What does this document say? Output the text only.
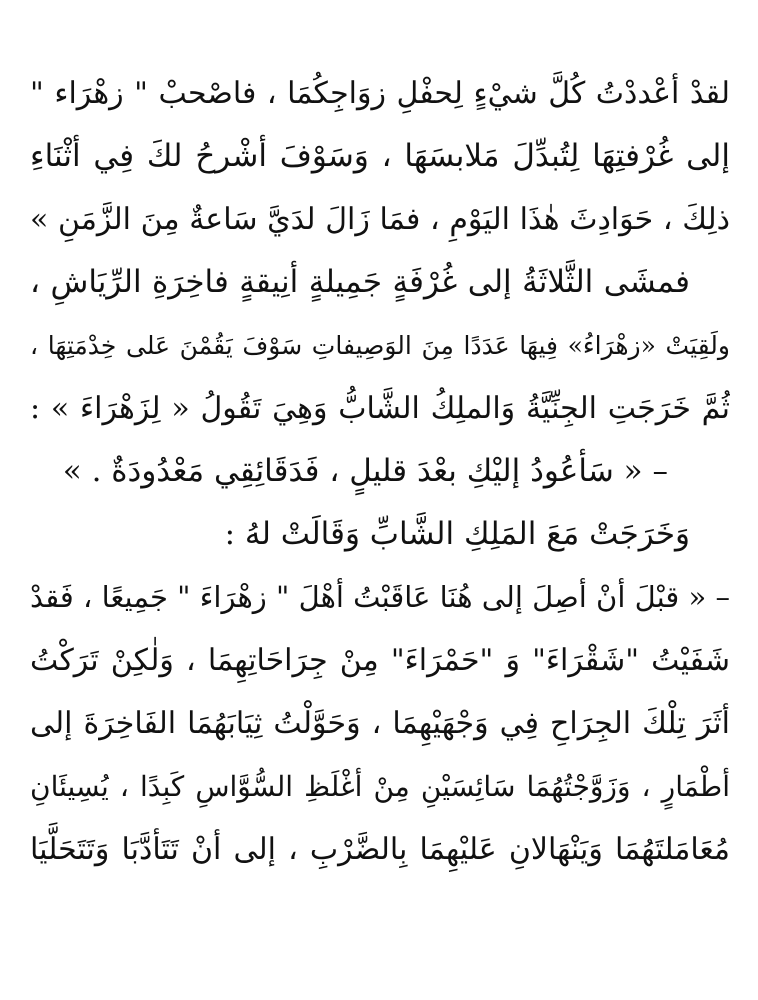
لقدْ أعْددْتُ كُلَّ شيْءٍ لِحفْلِ زوَاجِكُمَا ، فاصْحبْ " زهْرَاء "
إلى غُرْفتِهَا لِتُبدِّلَ مَلابسَهَا ، وَسَوْفَ أشْرحُ لكَ فِي أثْنَاءِ
ذلِكَ ، حَوَادِثَ هٰذَا اليَوْمِ ، فمَا زَالَ لدَيَّ سَاعةٌ مِنَ الزَّمَنِ »
فمشَى الثَّلاثَةُ إلى غُرْفَةٍ جَمِيلةٍ أنِيقةٍ فاخِرَةِ الرِّيَاشِ ،
ولَقِيَتْ «زهْرَاءُ» فِيهَا عَدَدًا مِنَ الوَصِيفاتِ سَوْفَ يَقُمْنَ عَلى خِدْمَتِهَا ،
ثُمَّ خَرَجَتِ الجِنِّيَّةُ وَالملِكُ الشَّابُّ وَهِيَ تَقُولُ « لِزَهْرَاءَ » :
– « سَأعُودُ إليْكِ بعْدَ قليلٍ ، فَدَقَائِقِي مَعْدُودَةٌ . »
وَخَرَجَتْ مَعَ المَلِكِ الشَّابِّ وَقَالَتْ لهُ :
– « قبْلَ أنْ أصِلَ إلى هُنَا عَاقَبْتُ أهْلَ " زهْرَاءَ " جَمِيعًا ، فَقدْ
شَفَيْتُ "شَقْرَاءَ" وَ "حَمْرَاءَ" مِنْ جِرَاحَاتِهِمَا ، وَلٰكِنْ تَرَكْتُ
أثَرَ تِلْكَ الجِرَاحِ فِي وَجْهَيْهِمَا ، وَحَوَّلْتُ ثِيَابَهُمَا الفَاخِرَةَ إلى
أطْمَارٍ ، وَزَوَّجْتُهُمَا سَائِسَيْنِ مِنْ أغْلَظِ السُّوَّاسِ كَبِدًا ، يُسِيئَانِ
مُعَامَلتَهُمَا وَيَنْهَالانِ عَليْهِمَا بِالضَّرْبِ ، إلى أنْ تَتَأدَّبَا وَتَتَحَلَّيَا
